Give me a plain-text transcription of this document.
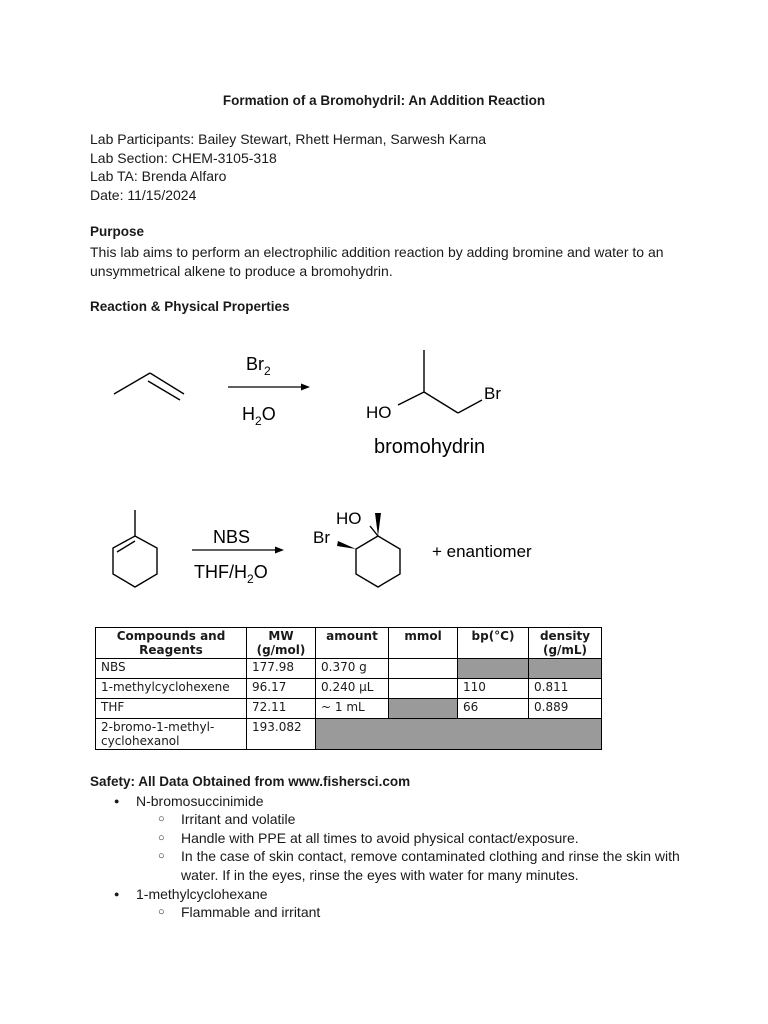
Formation of a Bromohydril: An Addition Reaction
Lab Participants: Bailey Stewart, Rhett Herman, Sarwesh Karna
Lab Section: CHEM-3105-318
Lab TA: Brenda Alfaro
Date: 11/15/2024
Purpose
This lab aims to perform an electrophilic addition reaction by adding bromine and water to an unsymmetrical alkene to produce a bromohydrin.
Reaction & Physical Properties
$Br_2$
$H_2O$	HO
Br
bromohydrin
NBS
THF/$H_2O$
HO
Br
+ enantiomer
Compounds and Reagents	MW (g/mol)	amount	mmol	bp(°C)	density (g/mL)
NBS	177.98	0.370 g			
1-methylcyclohexene	96.17	0.240 µL		110	0.811
THF	72.11	~ 1 mL		66	0.889
2-bromo-1-methyl-cyclohexanol	193.082				
Safety: All Data Obtained from www.fishersci.com
● N-bromosuccinimide
○ Irritant and volatile
○ Handle with PPE at all times to avoid physical contact/exposure.
○ In the case of skin contact, remove contaminated clothing and rinse the skin with water. If in the eyes, rinse the eyes with water for many minutes.
● 1-methylcyclohexane
○ Flammable and irritant
